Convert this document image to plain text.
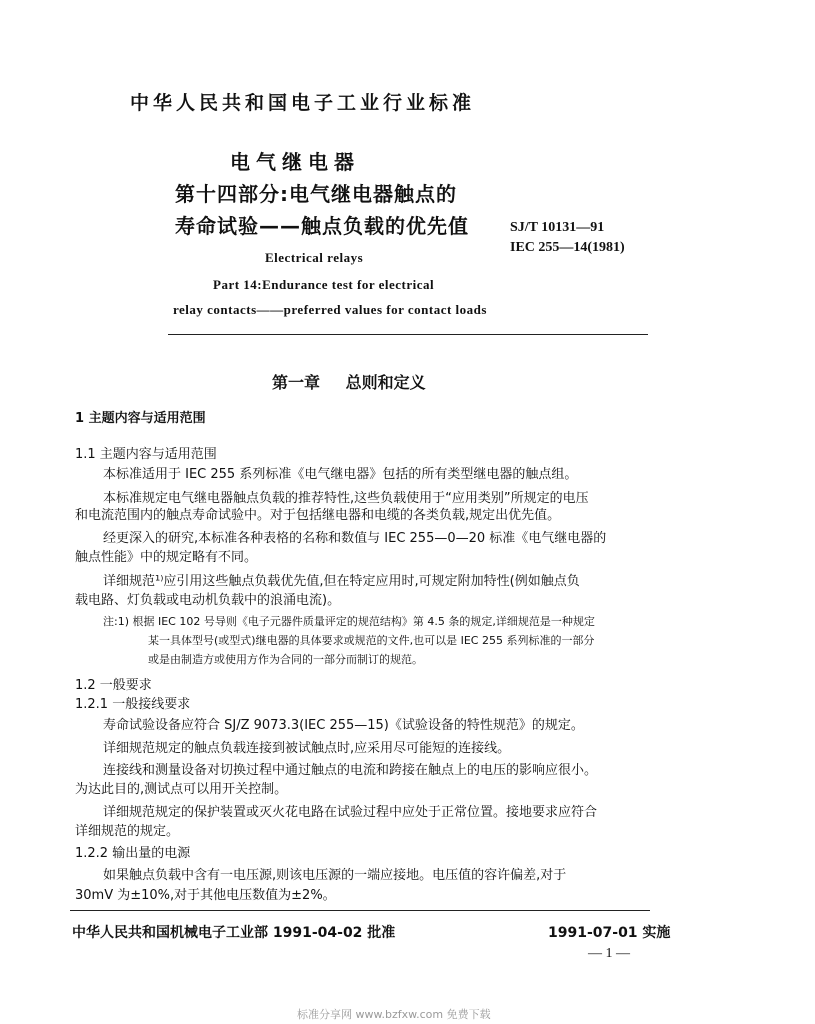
中华人民共和国电子工业行业标准
电气继电器
第十四部分:电气继电器触点的
寿命试验——触点负载的优先值	SJ/T 10131—91
IEC 255—14(1981)
Electrical relays
Part 14:Endurance test for electrical
relay contacts——preferred values for contact loads
第一章 总则和定义
1 主题内容与适用范围
1.1 主题内容与适用范围
本标准适用于 IEC 255 系列标准《电气继电器》包括的所有类型继电器的触点组。
本标准规定电气继电器触点负载的推荐特性,这些负载使用于“应用类别”所规定的电压
和电流范围内的触点寿命试验中。对于包括继电器和电缆的各类负载,规定出优先值。
经更深入的研究,本标准各种表格的名称和数值与 IEC 255—0—20 标准《电气继电器的
触点性能》中的规定略有不同。
详细规范¹⁾应引用这些触点负载优先值,但在特定应用时,可规定附加特性(例如触点负
载电路、灯负载或电动机负载中的浪涌电流)。
注:1) 根据 IEC 102 号导则《电子元器件质量评定的规范结构》第 4.5 条的规定,详细规范是一种规定
某一具体型号(或型式)继电器的具体要求或规范的文件,也可以是 IEC 255 系列标准的一部分
或是由制造方或使用方作为合同的一部分而制订的规范。
1.2 一般要求
1.2.1 一般接线要求
寿命试验设备应符合 SJ/Z 9073.3(IEC 255—15)《试验设备的特性规范》的规定。
详细规范规定的触点负载连接到被试触点时,应采用尽可能短的连接线。
连接线和测量设备对切换过程中通过触点的电流和跨接在触点上的电压的影响应很小。
为达此目的,测试点可以用开关控制。
详细规范规定的保护装置或灭火花电路在试验过程中应处于正常位置。接地要求应符合
详细规范的规定。
1.2.2 输出量的电源
如果触点负载中含有一电压源,则该电压源的一端应接地。电压值的容许偏差,对于
30mV 为±10%,对于其他电压数值为±2%。
中华人民共和国机械电子工业部 1991-04-02 批准	1991-07-01 实施
— 1 —
标准分享网 www.bzfxw.com 免费下载
